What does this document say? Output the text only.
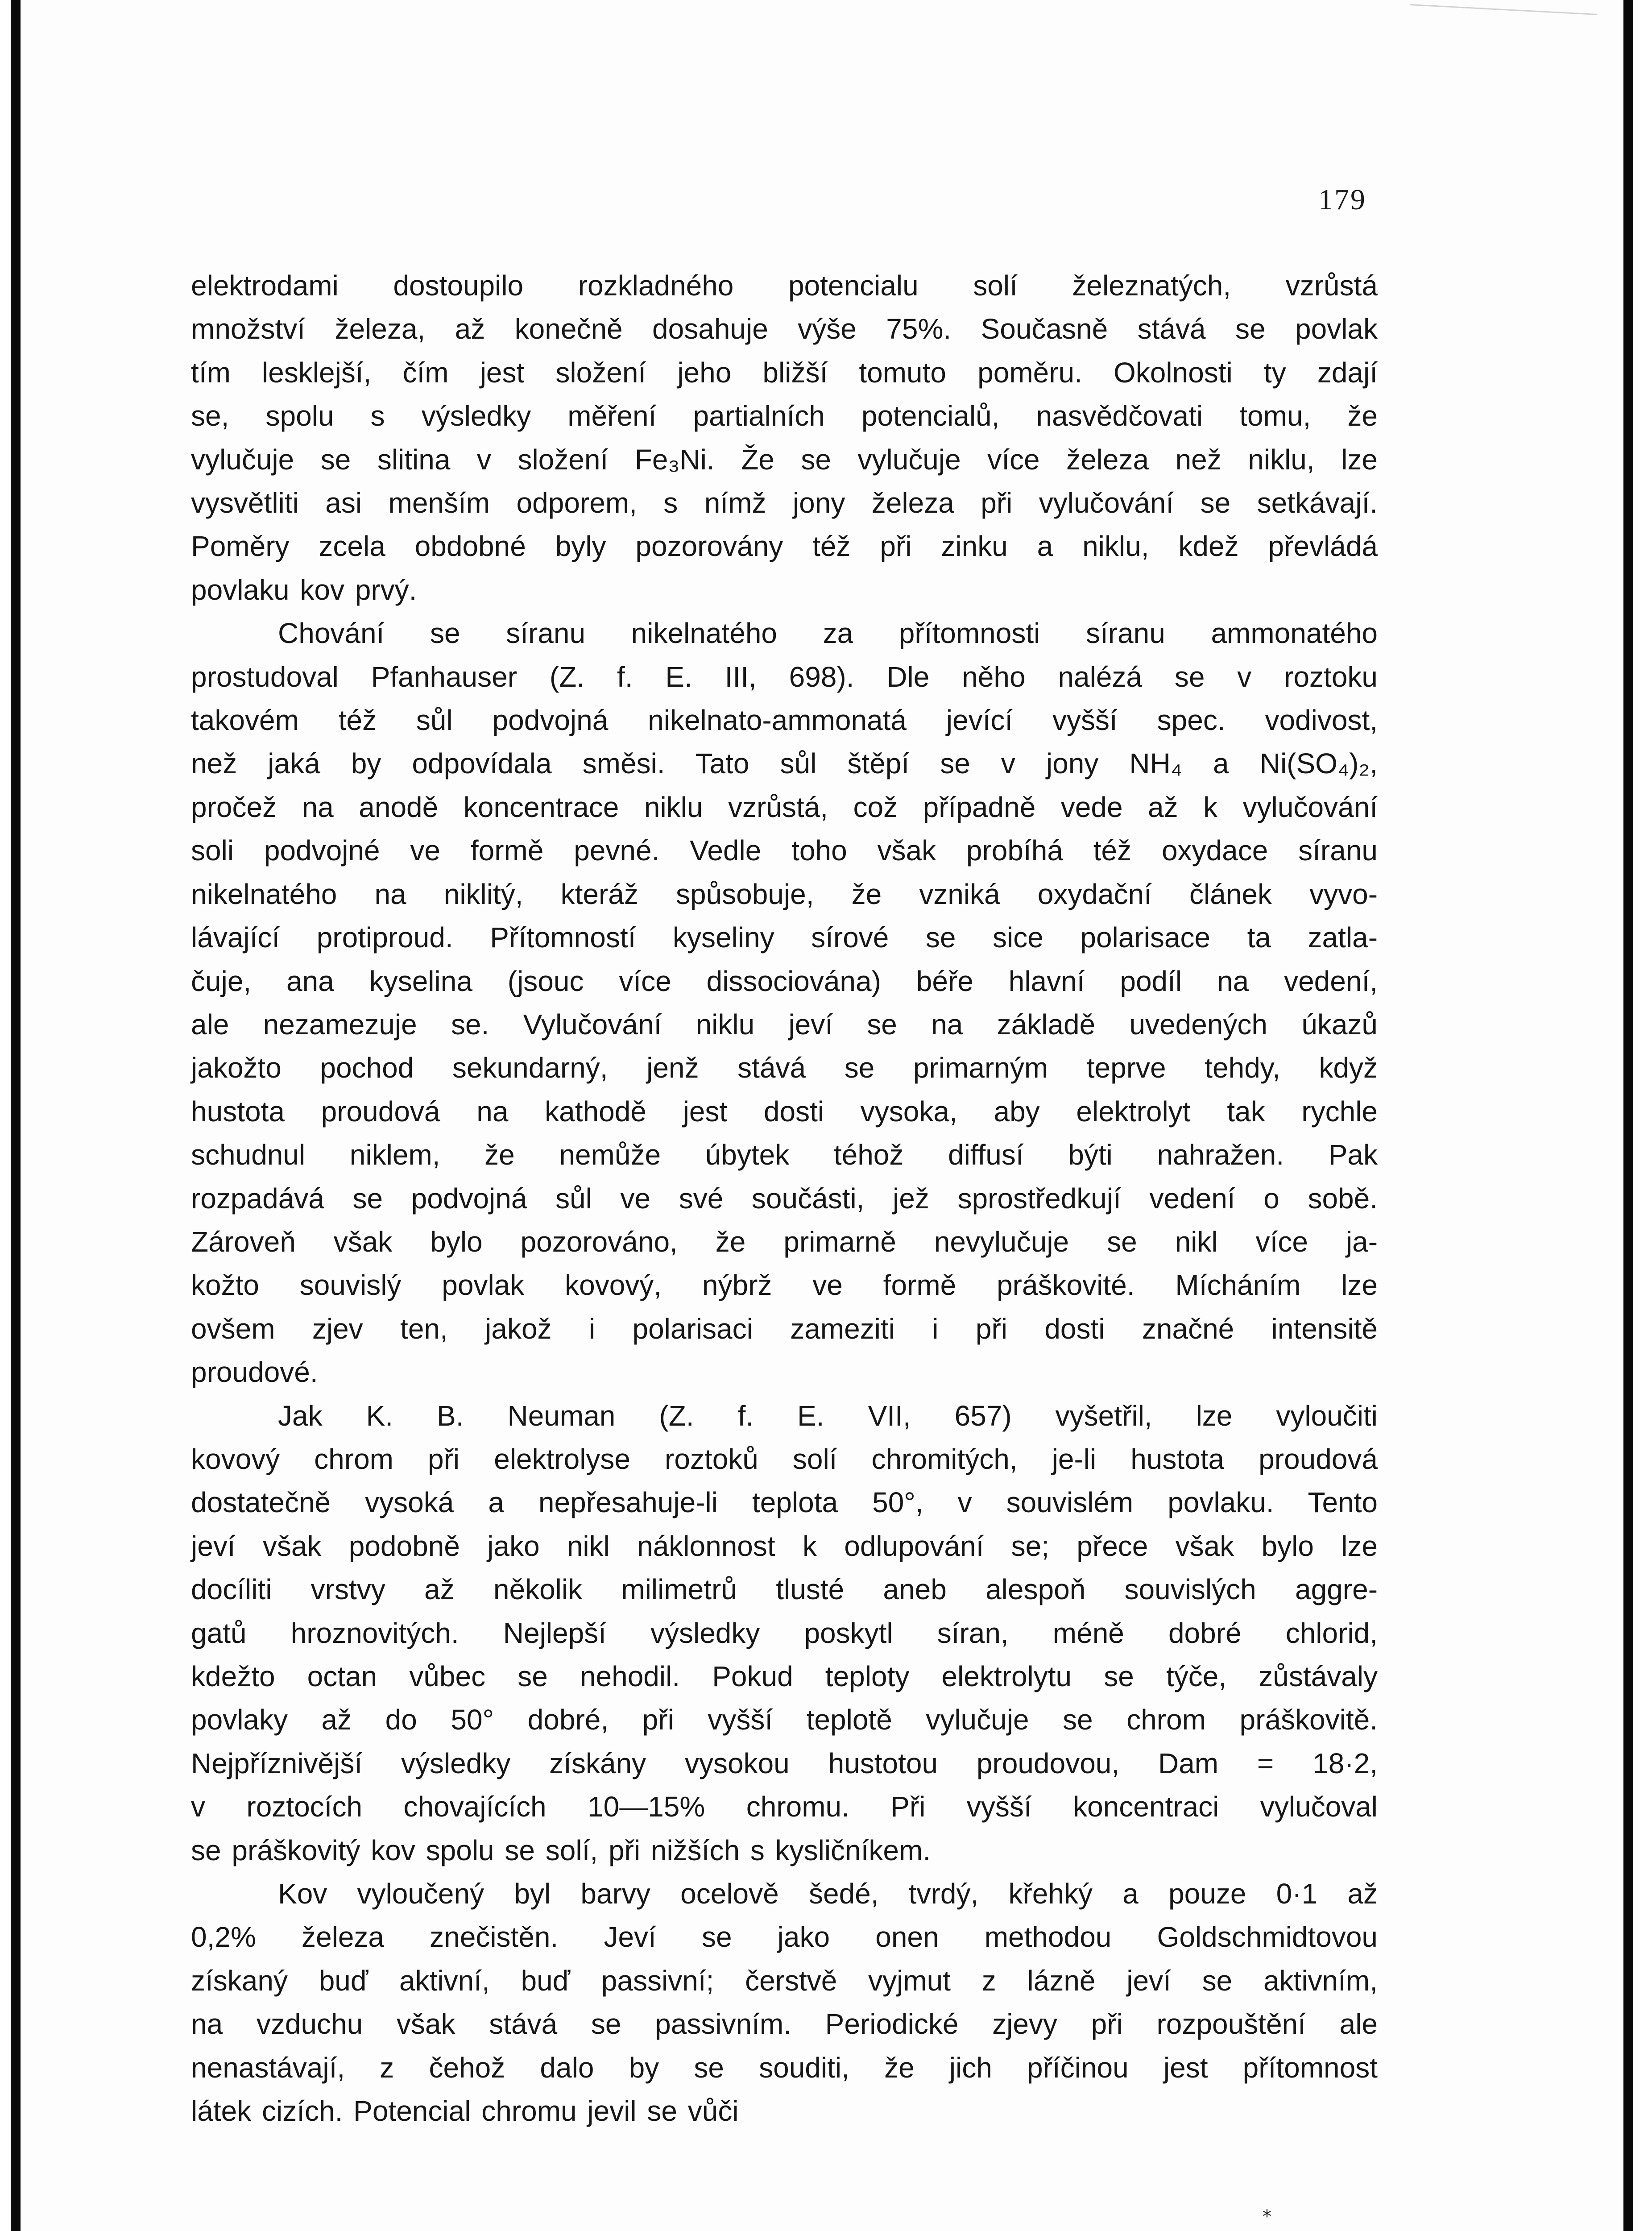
179
elektrodami dostoupilo rozkladného potencialu solí železnatých, vzrůstá
množství železa, až konečně dosahuje výše 75%. Současně stává se povlak
tím lesklejší, čím jest složení jeho bližší tomuto poměru. Okolnosti ty zdají
se, spolu s výsledky měření partialních potencialů, nasvědčovati tomu, že
vylučuje se slitina v složení Fe₃Ni. Že se vylučuje více železa než niklu, lze
vysvětliti asi menším odporem, s nímž jony železa při vylučování se setkávají.
Poměry zcela obdobné byly pozorovány též při zinku a niklu, kdež převládá
povlaku kov prvý.
Chování se síranu nikelnatého za přítomnosti síranu ammonatého
prostudoval Pfanhauser (Z. f. E. III, 698). Dle něho nalézá se v roztoku
takovém též sůl podvojná nikelnato-ammonatá jevící vyšší spec. vodivost,
než jaká by odpovídala směsi. Tato sůl štěpí se v jony NH₄ a Ni(SO₄)₂,
pročež na anodě koncentrace niklu vzrůstá, což případně vede až k vylučování
soli podvojné ve formě pevné. Vedle toho však probíhá též oxydace síranu
nikelnatého na niklitý, kteráž spůsobuje, že vzniká oxydační článek vyvo-
lávající protiproud. Přítomností kyseliny sírové se sice polarisace ta zatla-
čuje, ana kyselina (jsouc více dissociována) béře hlavní podíl na vedení,
ale nezamezuje se. Vylučování niklu jeví se na základě uvedených úkazů
jakožto pochod sekundarný, jenž stává se primarným teprve tehdy, když
hustota proudová na kathodě jest dosti vysoka, aby elektrolyt tak rychle
schudnul niklem, že nemůže úbytek téhož diffusí býti nahražen. Pak
rozpadává se podvojná sůl ve své součásti, jež sprostředkují vedení o sobě.
Zároveň však bylo pozorováno, že primarně nevylučuje se nikl více ja-
kožto souvislý povlak kovový, nýbrž ve formě práškovité. Mícháním lze
ovšem zjev ten, jakož i polarisaci zameziti i při dosti značné intensitě
proudové.
Jak K. B. Neuman (Z. f. E. VII, 657) vyšetřil, lze vyloučiti
kovový chrom při elektrolyse roztoků solí chromitých, je-li hustota proudová
dostatečně vysoká a nepřesahuje-li teplota 50°, v souvislém povlaku. Tento
jeví však podobně jako nikl náklonnost k odlupování se; přece však bylo lze
docíliti vrstvy až několik milimetrů tlusté aneb alespoň souvislých aggre-
gatů hroznovitých. Nejlepší výsledky poskytl síran, méně dobré chlorid,
kdežto octan vůbec se nehodil. Pokud teploty elektrolytu se týče, zůstávaly
povlaky až do 50° dobré, při vyšší teplotě vylučuje se chrom práškovitě.
Nejpříznivější výsledky získány vysokou hustotou proudovou, Dam = 18·2,
v roztocích chovajících 10—15% chromu. Při vyšší koncentraci vylučoval
se práškovitý kov spolu se solí, při nižších s kysličníkem.
Kov vyloučený byl barvy ocelově šedé, tvrdý, křehký a pouze 0·1 až
0,2% železa znečistěn. Jeví se jako onen methodou Goldschmidtovou
získaný buď aktivní, buď passivní; čerstvě vyjmut z lázně jeví se aktivním,
na vzduchu však stává se passivním. Periodické zjevy při rozpouštění ale
nenastávají, z čehož dalo by se souditi, že jich příčinou jest přítomnost
látek cizích. Potencial chromu jevil se vůči
*
